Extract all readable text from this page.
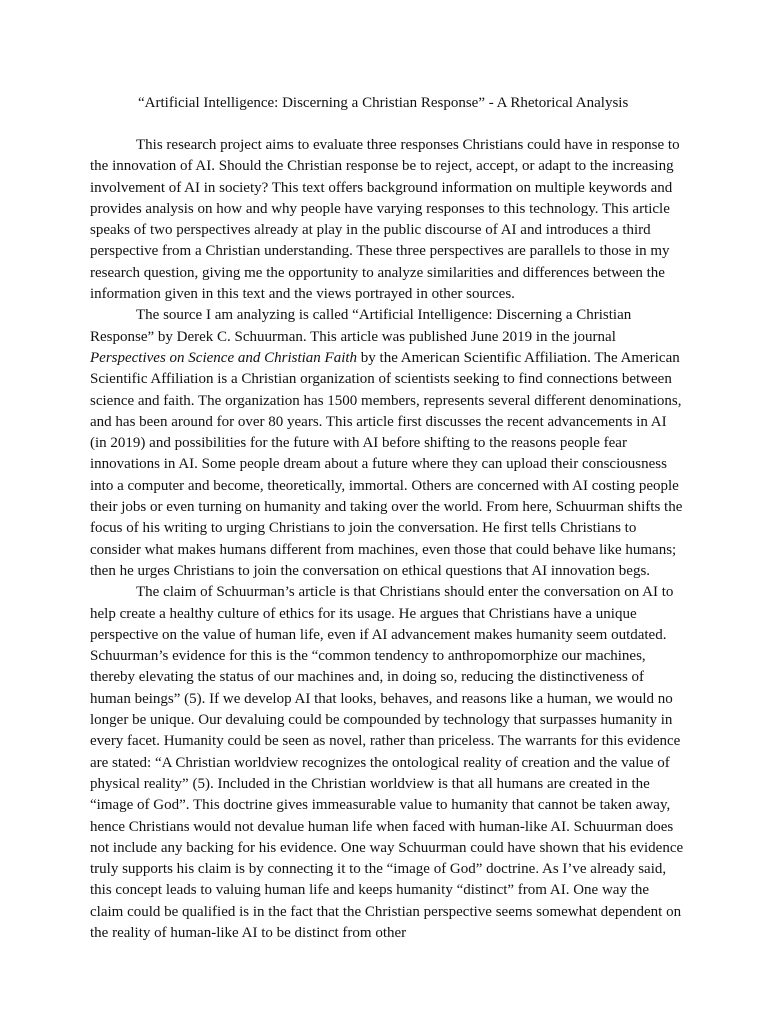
“Artificial Intelligence: Discerning a Christian Response” - A Rhetorical Analysis

This research project aims to evaluate three responses Christians could have in response to the innovation of AI. Should the Christian response be to reject, accept, or adapt to the increasing involvement of AI in society? This text offers background information on multiple keywords and provides analysis on how and why people have varying responses to this technology. This article speaks of two perspectives already at play in the public discourse of AI and introduces a third perspective from a Christian understanding. These three perspectives are parallels to those in my research question, giving me the opportunity to analyze similarities and differences between the information given in this text and the views portrayed in other sources.

The source I am analyzing is called “Artificial Intelligence: Discerning a Christian Response” by Derek C. Schuurman. This article was published June 2019 in the journal Perspectives on Science and Christian Faith by the American Scientific Affiliation. The American Scientific Affiliation is a Christian organization of scientists seeking to find connections between science and faith. The organization has 1500 members, represents several different denominations, and has been around for over 80 years. This article first discusses the recent advancements in AI (in 2019) and possibilities for the future with AI before shifting to the reasons people fear innovations in AI. Some people dream about a future where they can upload their consciousness into a computer and become, theoretically, immortal. Others are concerned with AI costing people their jobs or even turning on humanity and taking over the world. From here, Schuurman shifts the focus of his writing to urging Christians to join the conversation. He first tells Christians to consider what makes humans different from machines, even those that could behave like humans; then he urges Christians to join the conversation on ethical questions that AI innovation begs.

The claim of Schuurman’s article is that Christians should enter the conversation on AI to help create a healthy culture of ethics for its usage. He argues that Christians have a unique perspective on the value of human life, even if AI advancement makes humanity seem outdated. Schuurman’s evidence for this is the “common tendency to anthropomorphize our machines, thereby elevating the status of our machines and, in doing so, reducing the distinctiveness of human beings” (5). If we develop AI that looks, behaves, and reasons like a human, we would no longer be unique. Our devaluing could be compounded by technology that surpasses humanity in every facet. Humanity could be seen as novel, rather than priceless. The warrants for this evidence are stated: “A Christian worldview recognizes the ontological reality of creation and the value of physical reality” (5). Included in the Christian worldview is that all humans are created in the “image of God”. This doctrine gives immeasurable value to humanity that cannot be taken away, hence Christians would not devalue human life when faced with human-like AI. Schuurman does not include any backing for his evidence. One way Schuurman could have shown that his evidence truly supports his claim is by connecting it to the “image of God” doctrine. As I’ve already said, this concept leads to valuing human life and keeps humanity “distinct” from AI. One way the claim could be qualified is in the fact that the Christian perspective seems somewhat dependent on the reality of human-like AI to be distinct from other
